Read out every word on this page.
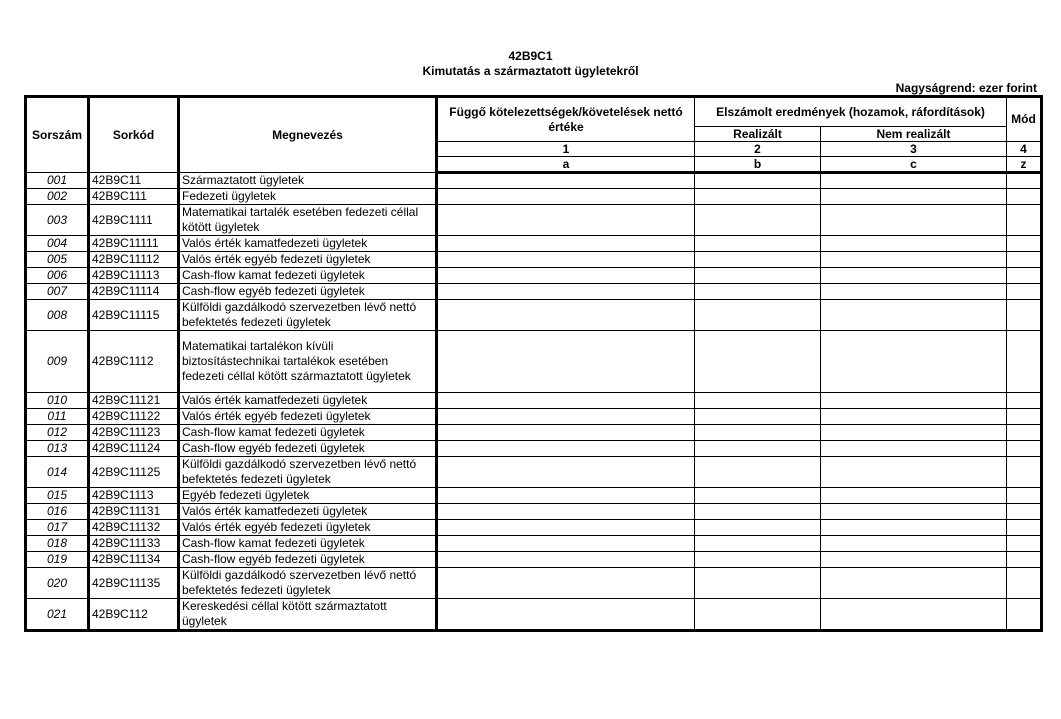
42B9C1
Kimutatás a származtatott ügyletekről
Nagyságrend: ezer forint
Sorszám	Sorkód	Megnevezés	Függő kötelezettségek/követelések nettó értéke	Elszámolt eredmények (hozamok, ráfordítások)		Mód
				Realizált	Nem realizált	
			1	2	3	4
			a	b	c	z
001	42B9C11	Származtatott ügyletek				
002	42B9C111	Fedezeti ügyletek				
003	42B9C1111	Matematikai tartalék esetében fedezeti céllal kötött ügyletek				
004	42B9C11111	Valós érték kamatfedezeti ügyletek				
005	42B9C11112	Valós érték egyéb fedezeti ügyletek				
006	42B9C11113	Cash-flow kamat fedezeti ügyletek				
007	42B9C11114	Cash-flow egyéb fedezeti ügyletek				
008	42B9C11115	Külföldi gazdálkodó szervezetben lévő nettó befektetés fedezeti ügyletek				
009	42B9C1112	Matematikai tartalékon kívüli biztosítástechnikai tartalékok esetében fedezeti céllal kötött származtatott ügyletek				
010	42B9C11121	Valós érték kamatfedezeti ügyletek				
011	42B9C11122	Valós érték egyéb fedezeti ügyletek				
012	42B9C11123	Cash-flow kamat fedezeti ügyletek				
013	42B9C11124	Cash-flow egyéb fedezeti ügyletek				
014	42B9C11125	Külföldi gazdálkodó szervezetben lévő nettó befektetés fedezeti ügyletek				
015	42B9C1113	Egyéb fedezeti ügyletek				
016	42B9C11131	Valós érték kamatfedezeti ügyletek				
017	42B9C11132	Valós érték egyéb fedezeti ügyletek				
018	42B9C11133	Cash-flow kamat fedezeti ügyletek				
019	42B9C11134	Cash-flow egyéb fedezeti ügyletek				
020	42B9C11135	Külföldi gazdálkodó szervezetben lévő nettó befektetés fedezeti ügyletek				
021	42B9C112	Kereskedési céllal kötött származtatott ügyletek				
